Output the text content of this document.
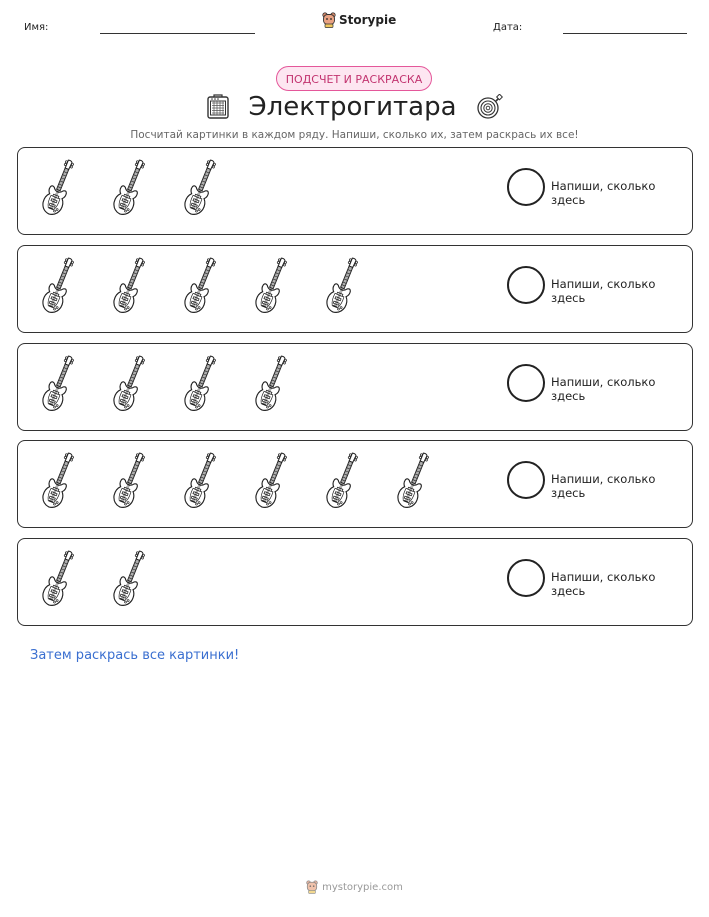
Имя:
Storypie
Дата:
ПОДСЧЕТ И РАСКРАСКА
Электрогитара
Посчитай картинки в каждом ряду. Напиши, сколько их, затем раскрась их все!
Напиши, сколько здесь
Напиши, сколько здесь
Напиши, сколько здесь
Напиши, сколько здесь
Напиши, сколько здесь
Затем раскрась все картинки!
mystorypie.com
